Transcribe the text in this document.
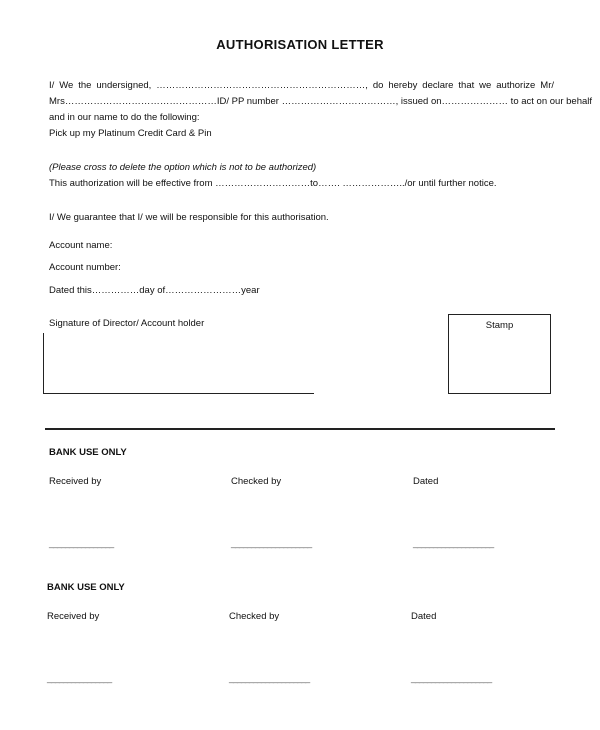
AUTHORISATION LETTER
I/ We the undersigned, …………………………………………………………, do hereby declare that we authorize Mr/
Mrs…………………………………………ID/ PP number ………………………………, issued on………………… to act on our behalf
and in our name to do the following:
Pick up my Platinum Credit Card & Pin
(Please cross to delete the option which is not to be authorized)
This authorization will be effective from …………………………to……. ………………../or until further notice.
I/ We guarantee that I/ we will be responsible for this authorisation.
Account name:
Account number:
Dated this……………day of……………………year
Signature of Director/ Account holder	Stamp
BANK USE ONLY
Received by	Checked by	Dated
________________	____________________	____________________
BANK USE ONLY
Received by	Checked by	Dated
________________	____________________	____________________
